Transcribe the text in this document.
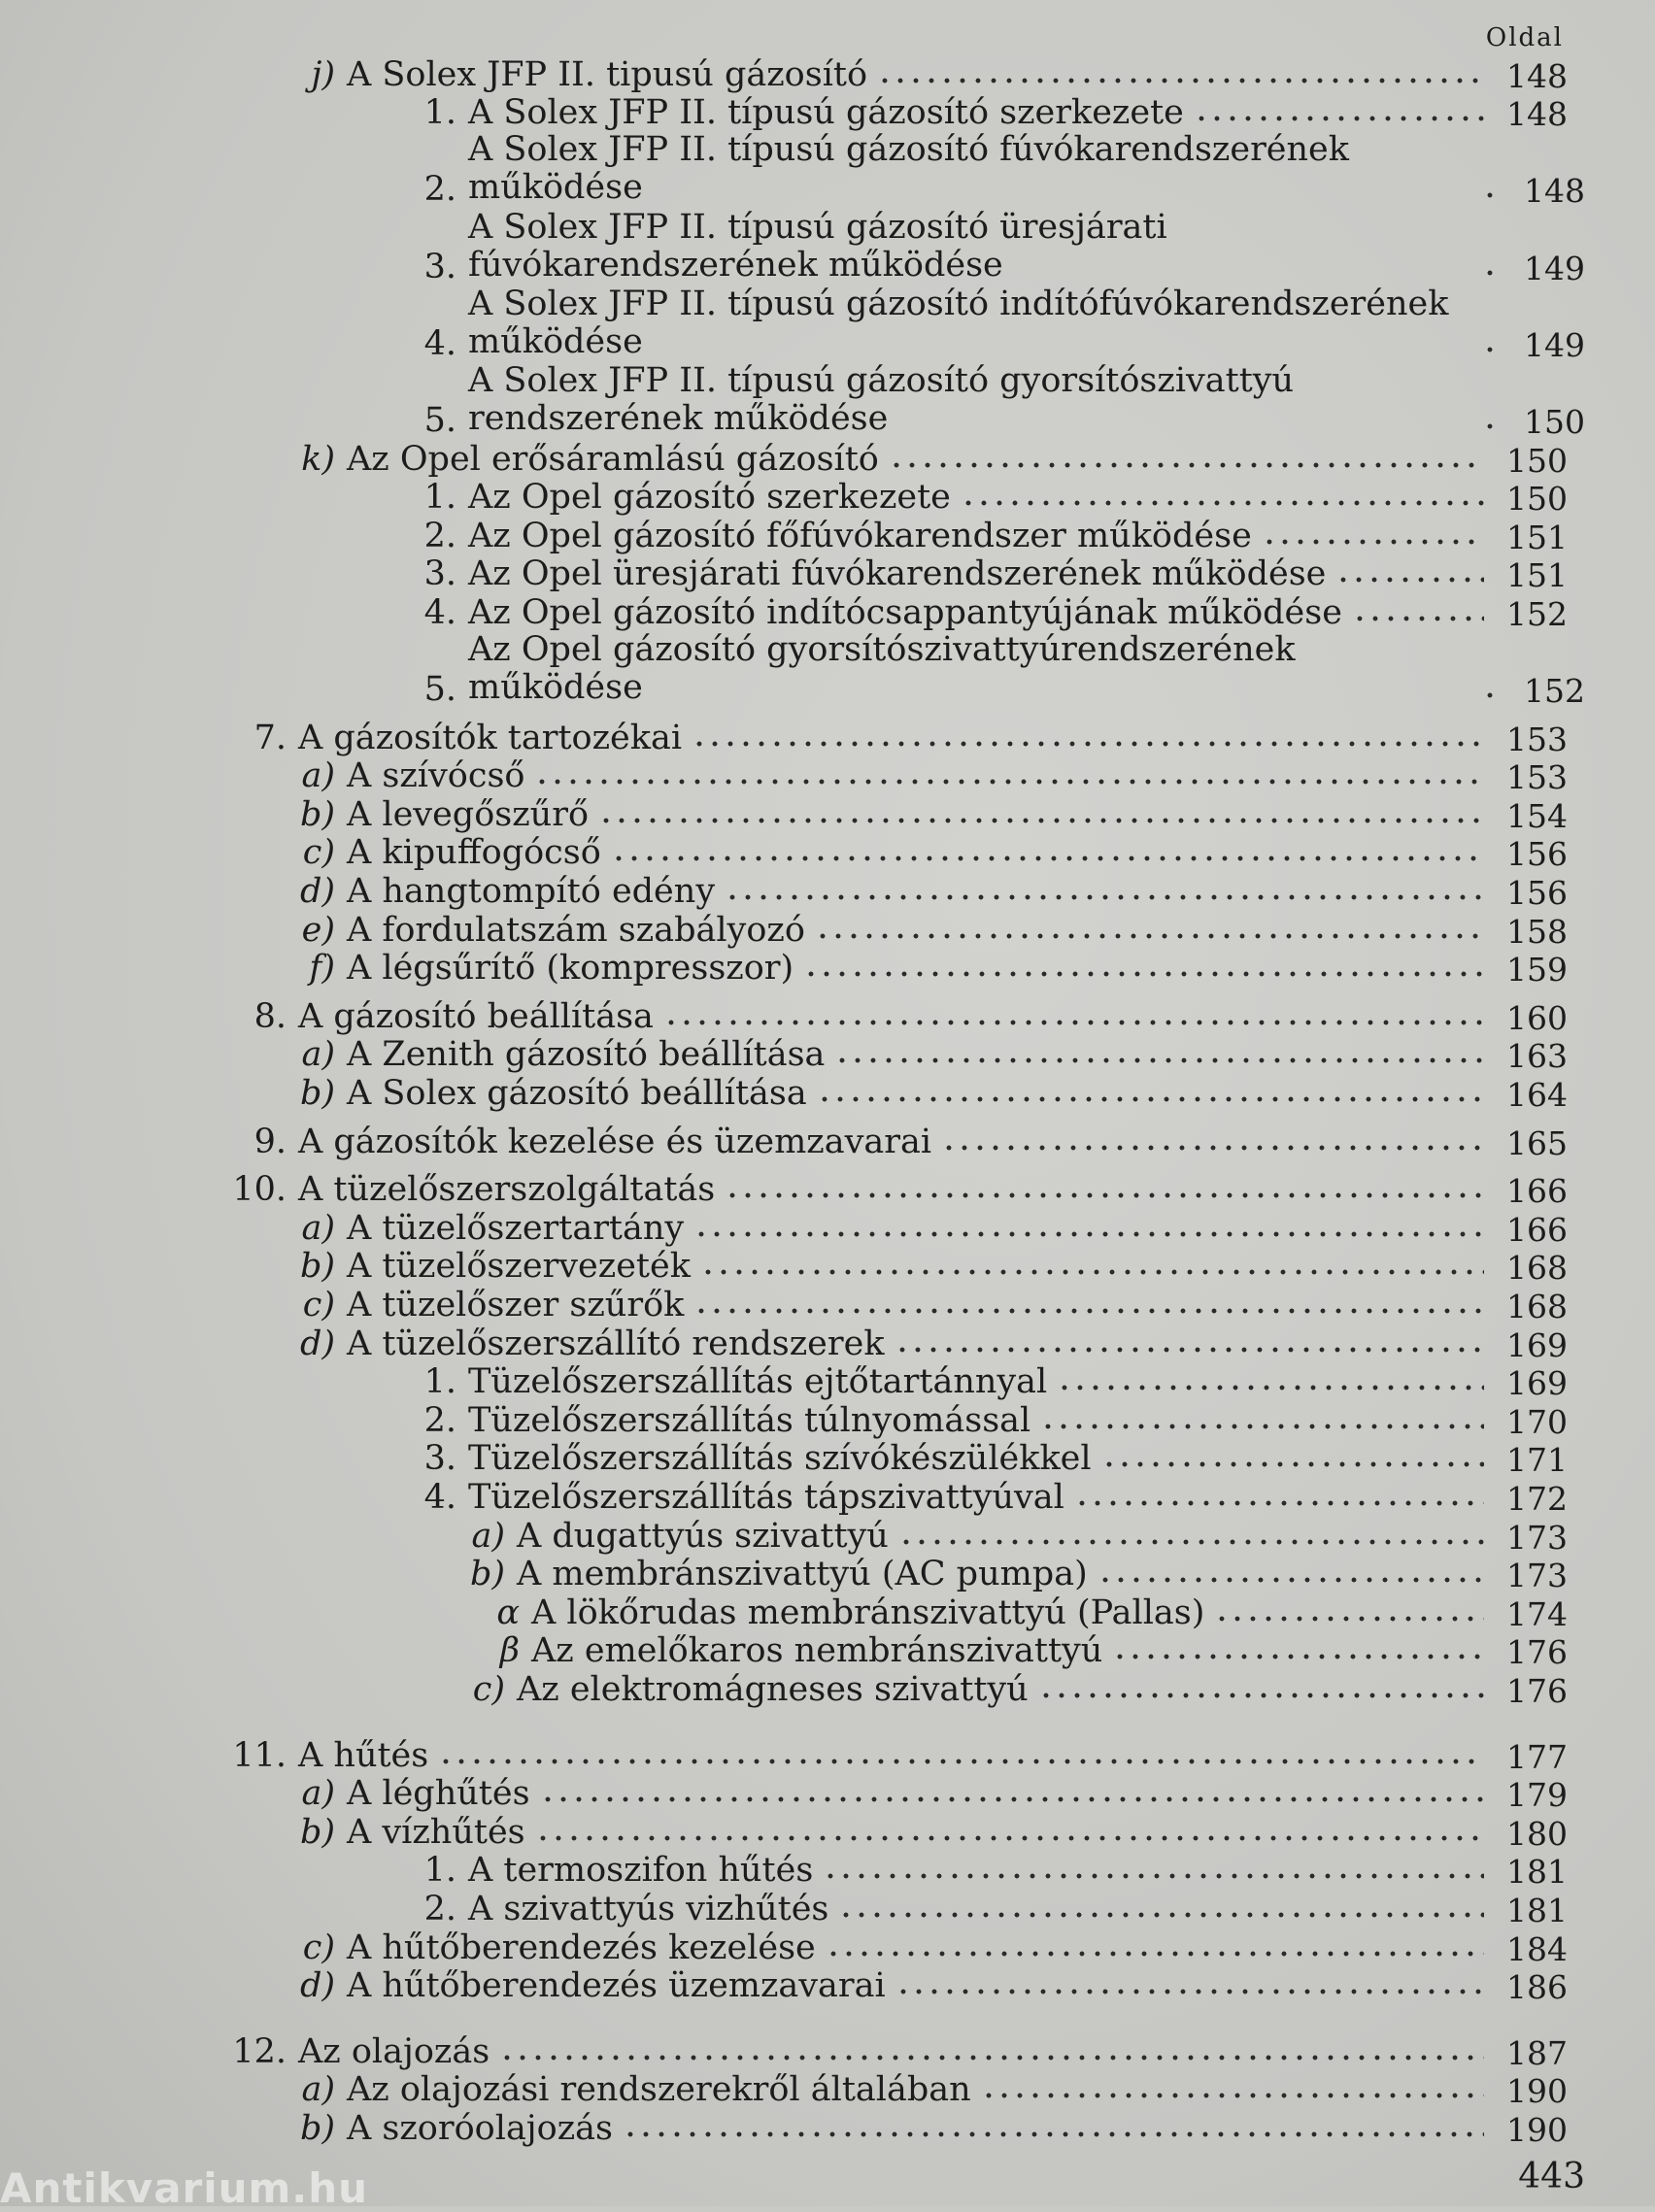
Oldal
j) A Solex JFP II. tipusú gázosító	148
1. A Solex JFP II. típusú gázosító szerkezete	148
2.
A Solex JFP II. típusú gázosító fúvókarendszerének működése	148
3.
A Solex JFP II. típusú gázosító üresjárati fúvókarendszerének működése	149
4.
A Solex JFP II. típusú gázosító indítófúvókarendszerének működése	149
5.
A Solex JFP II. típusú gázosító gyorsítószivattyú rendszerének működése	150
k) Az Opel erősáramlású gázosító	150
1. Az Opel gázosító szerkezete	150
2. Az Opel gázosító főfúvókarendszer működése	151
3. Az Opel üresjárati fúvókarendszerének működése	151
4. Az Opel gázosító indítócsappantyújának működése	152
5.
Az Opel gázosító gyorsítószivattyúrendszerének működése	152
7. A gázosítók tartozékai	153
a) A szívócső	153
b) A levegőszűrő	154
c) A kipuffogócső	156
d) A hangtompító edény	156
e) A fordulatszám szabályozó	158
f) A légsűrítő (kompresszor)	159
8. A gázosító beállítása	160
a) A Zenith gázosító beállítása	163
b) A Solex gázosító beállítása	164
9. A gázosítók kezelése és üzemzavarai	165
10. A tüzelőszerszolgáltatás	166
a) A tüzelőszertartány	166
b) A tüzelőszervezeték	168
c) A tüzelőszer szűrők	168
d) A tüzelőszerszállító rendszerek	169
1. Tüzelőszerszállítás ejtőtartánnyal	169
2. Tüzelőszerszállítás túlnyomással	170
3. Tüzelőszerszállítás szívókészülékkel	171
4. Tüzelőszerszállítás tápszivattyúval	172
a) A dugattyús szivattyú	173
b) A membránszivattyú (AC pumpa)	173
α A lökőrudas membránszivattyú (Pallas)	174
β Az emelőkaros nembránszivattyú	176
c) Az elektromágneses szivattyú	176
11. A hűtés	177
a) A léghűtés	179
b) A vízhűtés	180
1. A termoszifon hűtés	181
2. A szivattyús vizhűtés	181
c) A hűtőberendezés kezelése	184
d) A hűtőberendezés üzemzavarai	186
12. Az olajozás	187
a) Az olajozási rendszerekről általában	190
b) A szoróolajozás	190
443
Antikvarium.hu
